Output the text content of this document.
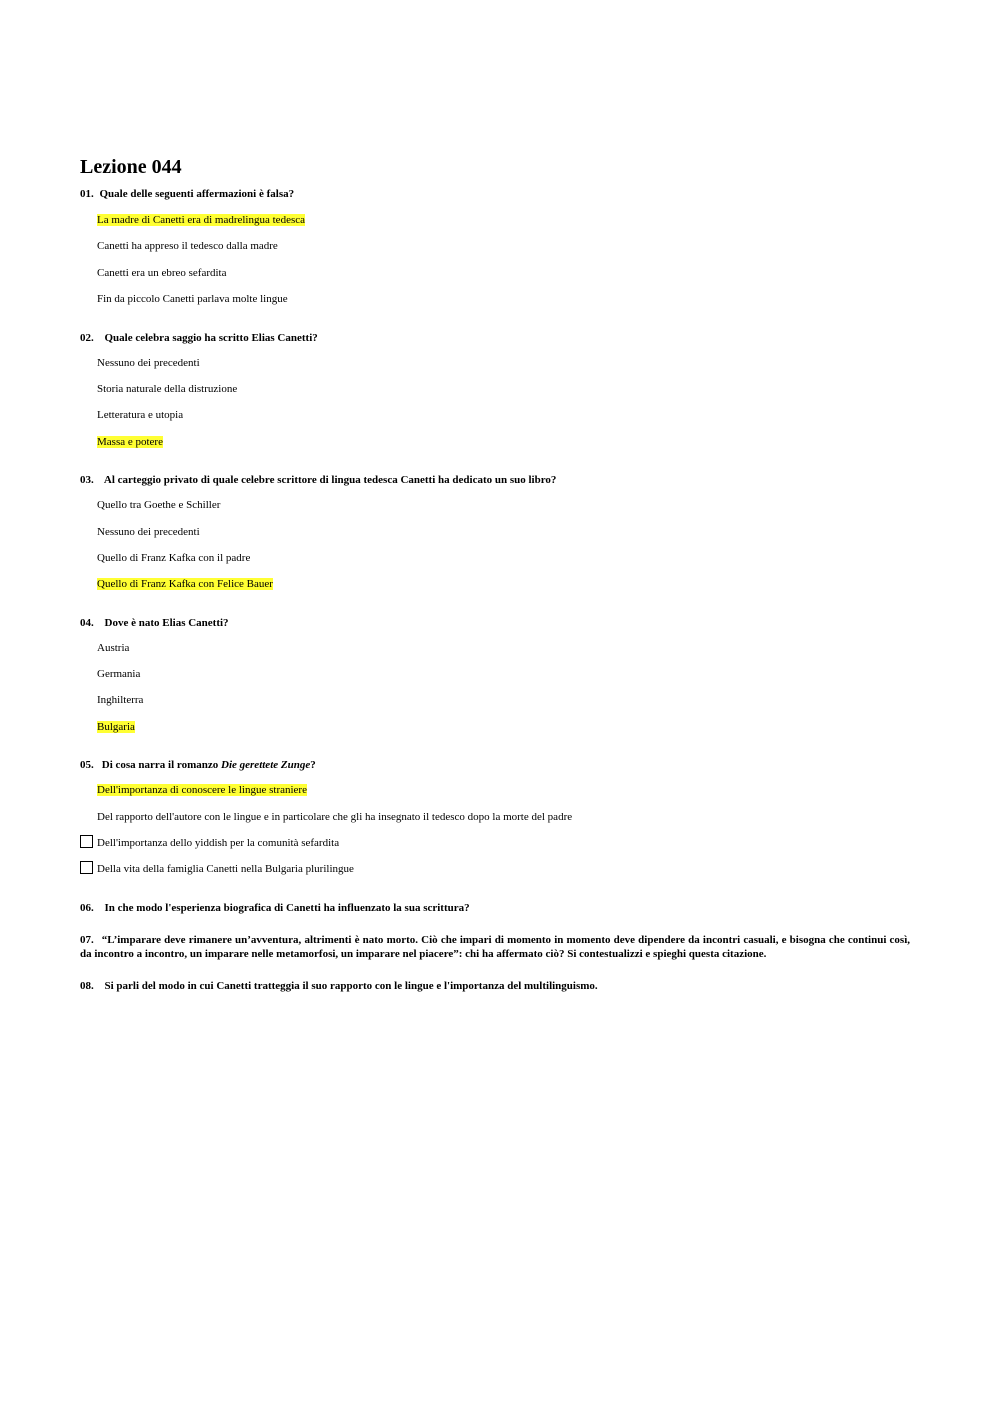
Lezione 044

01. Quale delle seguenti affermazioni è falsa?

La madre di Canetti era di madrelingua tedesca
Canetti ha appreso il tedesco dalla madre
Canetti era un ebreo sefardita
Fin da piccolo Canetti parlava molte lingue

02. Quale celebra saggio ha scritto Elias Canetti?

Nessuno dei precedenti
Storia naturale della distruzione
Letteratura e utopia
Massa e potere

03. Al carteggio privato di quale celebre scrittore di lingua tedesca Canetti ha dedicato un suo libro?

Quello tra Goethe e Schiller
Nessuno dei precedenti
Quello di Franz Kafka con il padre
Quello di Franz Kafka con Felice Bauer

04. Dove è nato Elias Canetti?

Austria
Germania
Inghilterra
Bulgaria

05. Di cosa narra il romanzo Die gerettete Zunge?

Dell'importanza di conoscere le lingue straniere
Del rapporto dell'autore con le lingue e in particolare che gli ha insegnato il tedesco dopo la morte del padre
Dell'importanza dello yiddish per la comunità sefardita
Della vita della famiglia Canetti nella Bulgaria plurilingue

06. In che modo l'esperienza biografica di Canetti ha influenzato la sua scrittura?

07. “L’imparare deve rimanere un’avventura, altrimenti è nato morto. Ciò che impari di momento in momento deve dipendere da incontri casuali, e bisogna che continui così, da incontro a incontro, un imparare nelle metamorfosi, un imparare nel piacere”: chi ha affermato ciò? Si contestualizzi e spieghi questa citazione.

08. Si parli del modo in cui Canetti tratteggia il suo rapporto con le lingue e l'importanza del multilinguismo.
